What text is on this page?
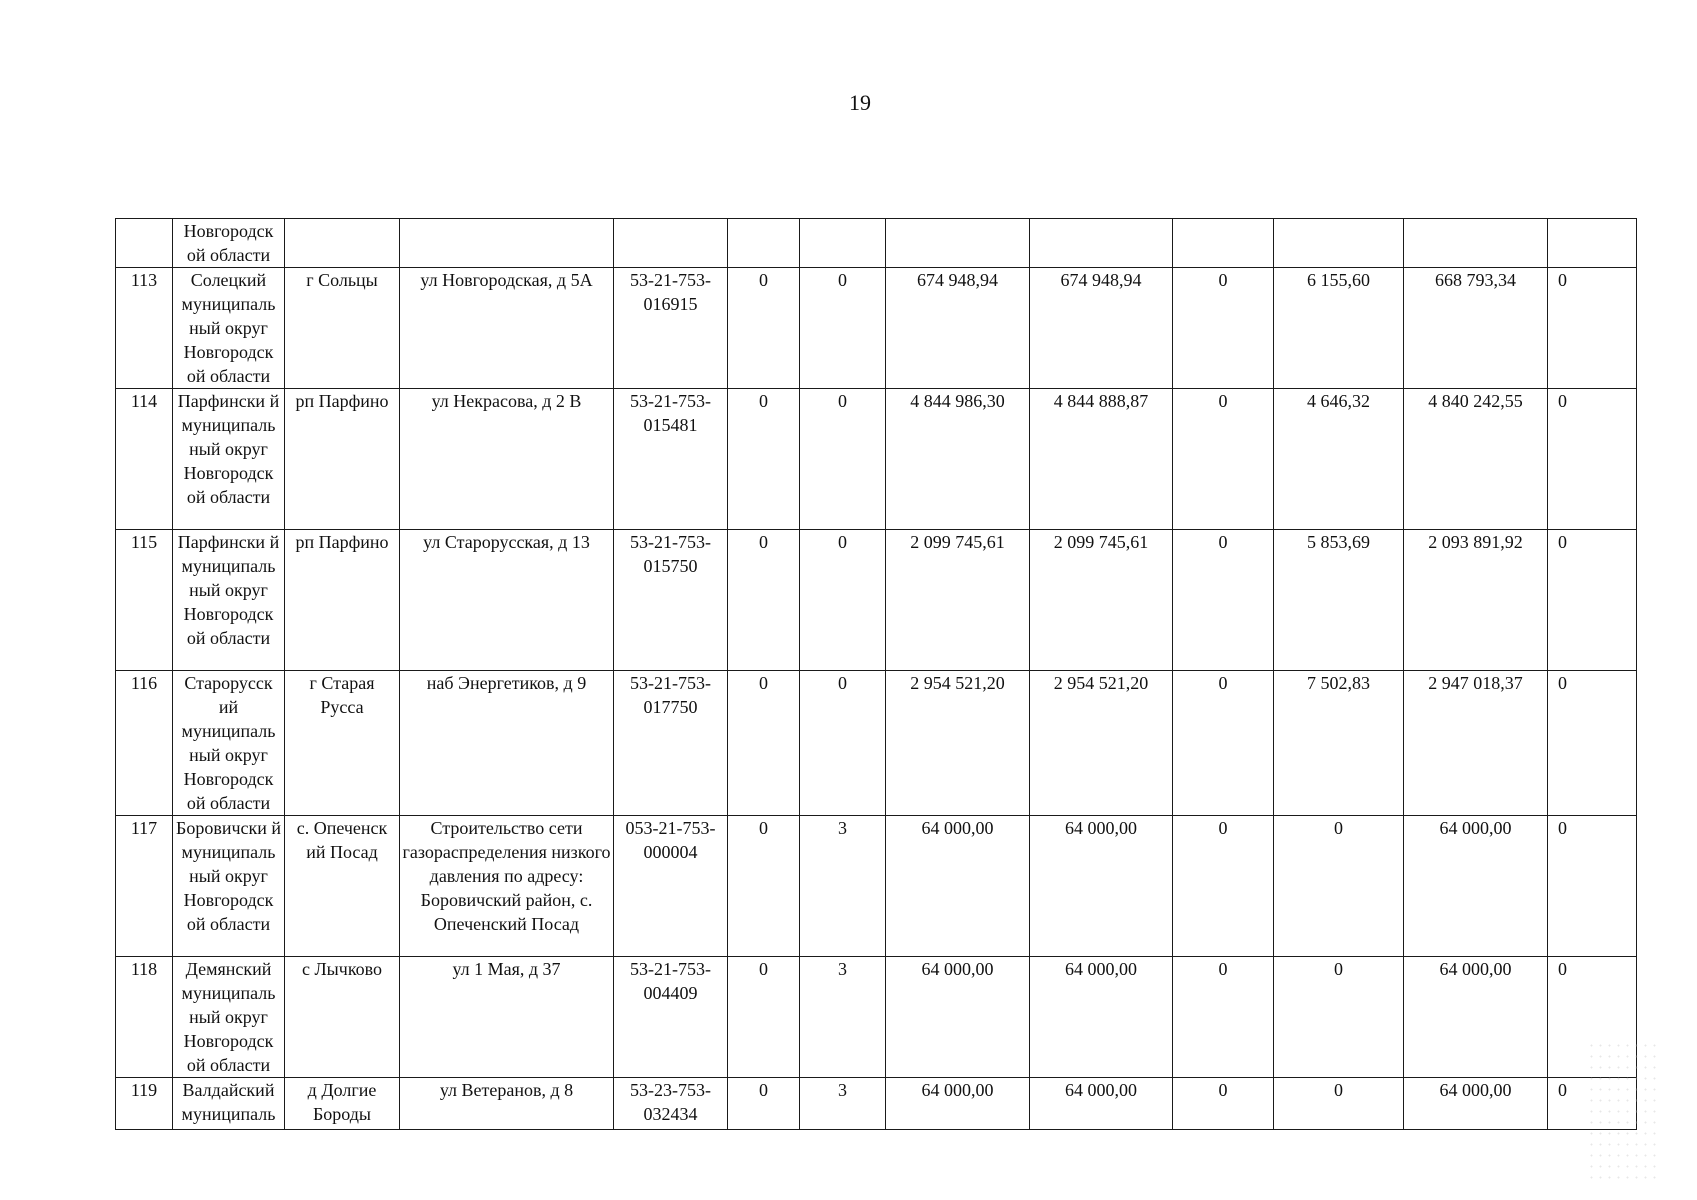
19
	Новгородск ой области											
113	Солецкий муниципаль ный округ Новгородск ой области	г Сольцы	ул Новгородская, д 5А	53-21-753-016915	0	0	674 948,94	674 948,94	0	6 155,60	668 793,34	0
114	Парфински й муниципаль ный округ Новгородск ой области	рп Парфино	ул Некрасова, д 2 В	53-21-753-015481	0	0	4 844 986,30	4 844 888,87	0	4 646,32	4 840 242,55	0
115	Парфински й муниципаль ный округ Новгородск ой области	рп Парфино	ул Старорусская, д 13	53-21-753-015750	0	0	2 099 745,61	2 099 745,61	0	5 853,69	2 093 891,92	0
116	Старорусск ий муниципаль ный округ Новгородск ой области	г Старая Русса	наб Энергетиков, д 9	53-21-753-017750	0	0	2 954 521,20	2 954 521,20	0	7 502,83	2 947 018,37	0
117	Боровичски й муниципаль ный округ Новгородск ой области	с. Опеченск ий Посад	Строительство сети газораспределения низкого давления по адресу: Боровичский район, с. Опеченский Посад	053-21-753-000004	0	3	64 000,00	64 000,00	0	0	64 000,00	0
118	Демянский муниципаль ный округ Новгородск ой области	с Лычково	ул 1 Мая, д 37	53-21-753-004409	0	3	64 000,00	64 000,00	0	0	64 000,00	0
119	Валдайский муниципаль	д Долгие Бороды	ул Ветеранов, д 8	53-23-753-032434	0	3	64 000,00	64 000,00	0	0	64 000,00	0
